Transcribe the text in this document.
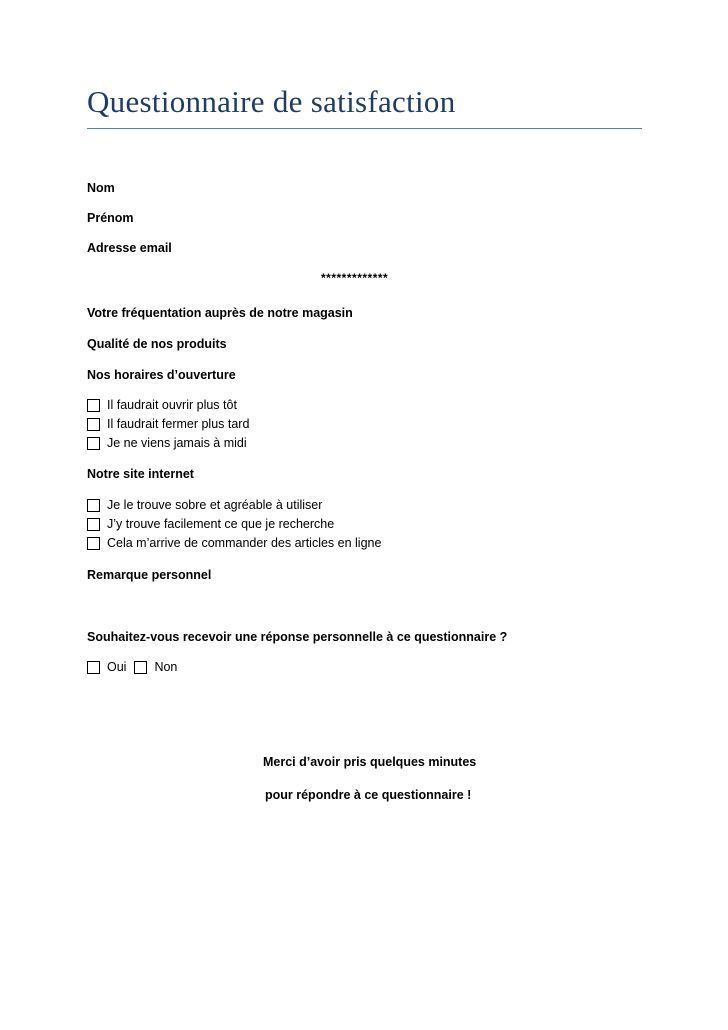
Questionnaire de satisfaction
Nom
Prénom
Adresse email
*************
Votre fréquentation auprès de notre magasin
Qualité de nos produits
Nos horaires d’ouverture
Il faudrait ouvrir plus tôt
Il faudrait fermer plus tard
Je ne viens jamais à midi
Notre site internet
Je le trouve sobre et agréable à utiliser
J’y trouve facilement ce que je recherche
Cela m’arrive de commander des articles en ligne
Remarque personnel
Souhaitez-vous recevoir une réponse personnelle à ce questionnaire ?
Oui Non
Merci d’avoir pris quelques minutes
pour répondre à ce questionnaire !
